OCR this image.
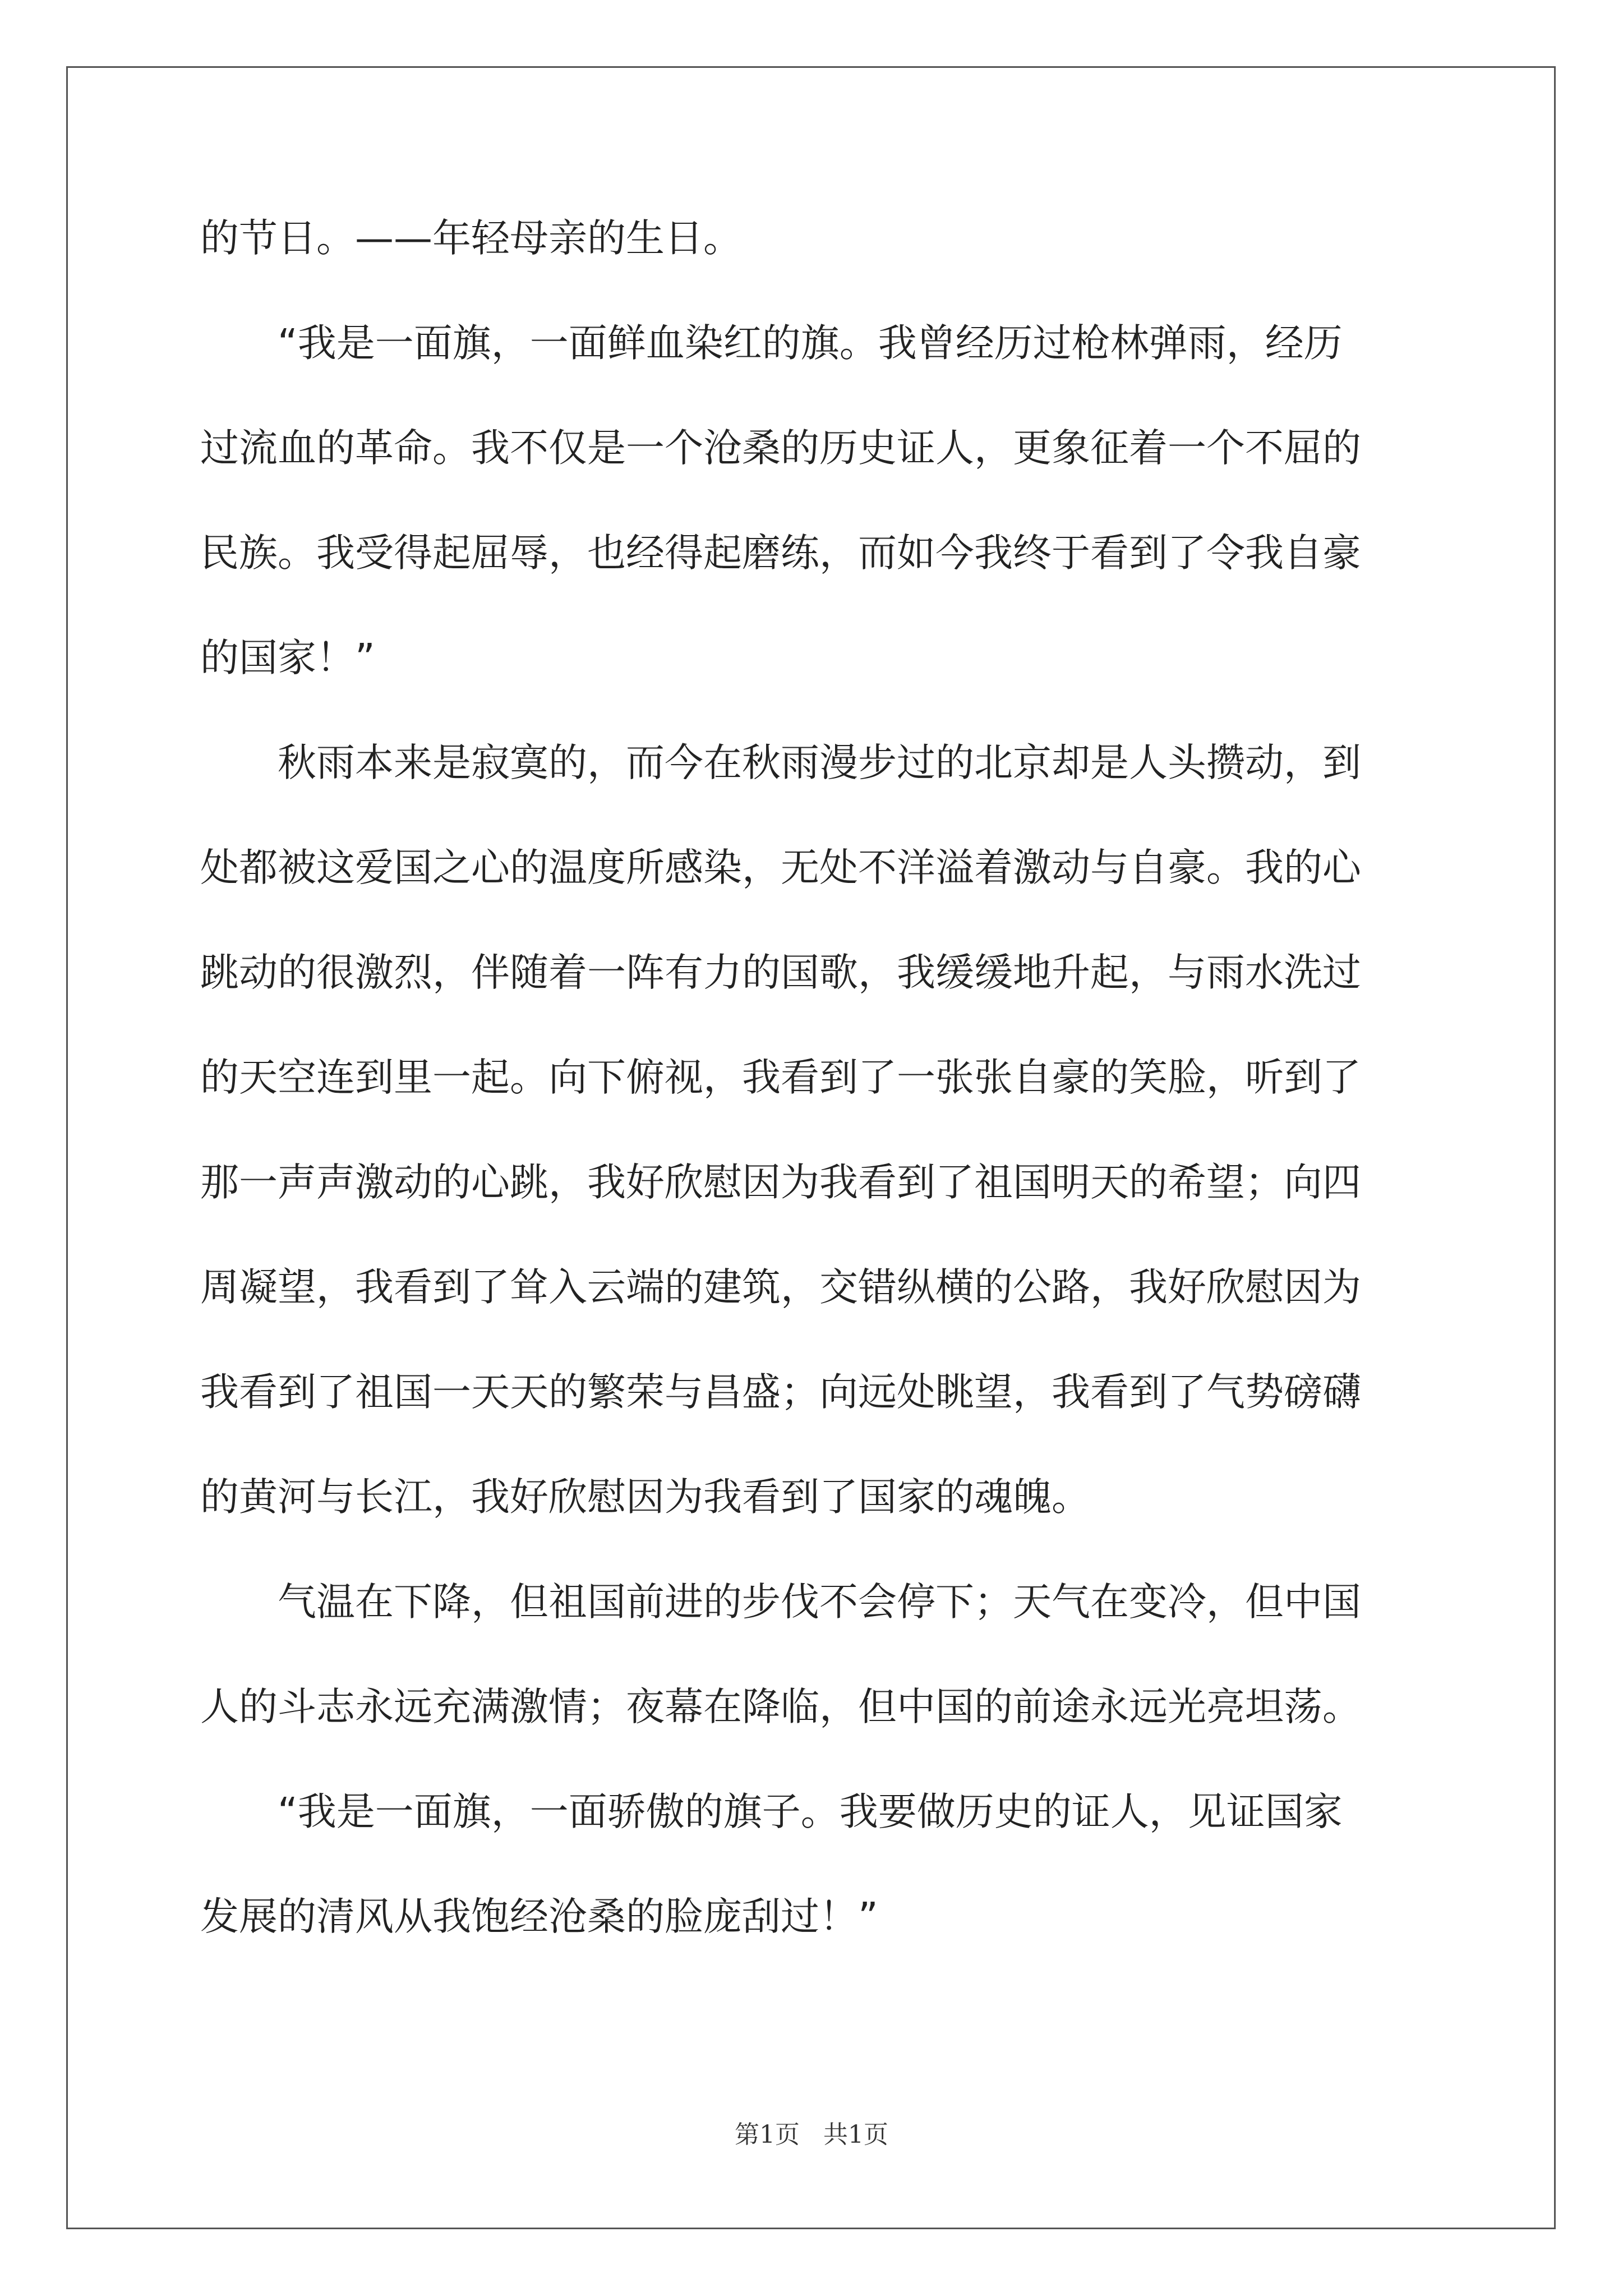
的节日。——年轻母亲的生日。
　　“我是一面旗，一面鲜血染红的旗。我曾经历过枪林弹雨，经历
过流血的革命。我不仅是一个沧桑的历史证人，更象征着一个不屈的
民族。我受得起屈辱，也经得起磨练，而如今我终于看到了令我自豪
的国家！”
　　秋雨本来是寂寞的，而今在秋雨漫步过的北京却是人头攒动，到
处都被这爱国之心的温度所感染，无处不洋溢着激动与自豪。我的心
跳动的很激烈，伴随着一阵有力的国歌，我缓缓地升起，与雨水洗过
的天空连到里一起。向下俯视，我看到了一张张自豪的笑脸，听到了
那一声声激动的心跳，我好欣慰因为我看到了祖国明天的希望；向四
周凝望，我看到了耸入云端的建筑，交错纵横的公路，我好欣慰因为
我看到了祖国一天天的繁荣与昌盛；向远处眺望，我看到了气势磅礴
的黄河与长江，我好欣慰因为我看到了国家的魂魄。
　　气温在下降，但祖国前进的步伐不会停下；天气在变冷，但中国
人的斗志永远充满激情；夜幕在降临，但中国的前途永远光亮坦荡。
　　“我是一面旗，一面骄傲的旗子。我要做历史的证人，见证国家
发展的清风从我饱经沧桑的脸庞刮过！”
第1页 共1页
